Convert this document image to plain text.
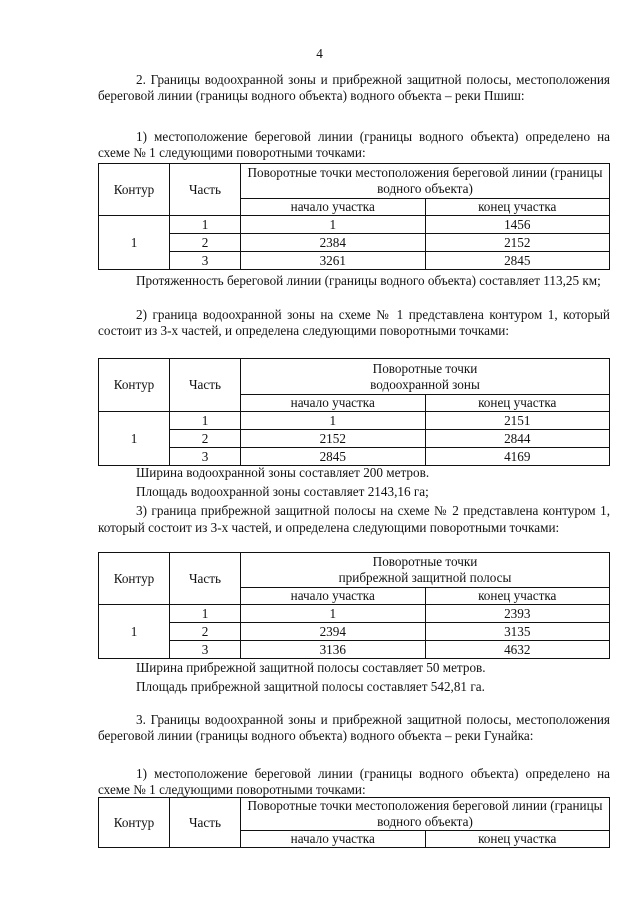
4

2. Границы водоохранной зоны и прибрежной защитной полосы, местоположения береговой линии (границы водного объекта) водного объекта – реки Пшиш:

1) местоположение береговой линии (границы водного объекта) определено на схеме № 1 следующими поворотными точками:

Контур	Часть	Поворотные точки местоположения береговой линии (границы водного объекта)	
		начало участка	конец участка
1	1	1	1456
	2	2384	2152
	3	3261	2845

Протяженность береговой линии (границы водного объекта) составляет 113,25 км;

2) граница водоохранной зоны на схеме № 1 представлена контуром 1, который состоит из 3-х частей, и определена следующими поворотными точками:

Контур	Часть	Поворотные точки
водоохранной зоны	
		начало участка	конец участка
1	1	1	2151
	2	2152	2844
	3	2845	4169

Ширина водоохранной зоны составляет 200 метров.

Площадь водоохранной зоны составляет 2143,16 га;

3) граница прибрежной защитной полосы на схеме № 2 представлена контуром 1, который состоит из 3-х частей, и определена следующими поворотными точками:

Контур	Часть	Поворотные точки
прибрежной защитной полосы	
		начало участка	конец участка
1	1	1	2393
	2	2394	3135
	3	3136	4632

Ширина прибрежной защитной полосы составляет 50 метров.

Площадь прибрежной защитной полосы составляет 542,81 га.

3. Границы водоохранной зоны и прибрежной защитной полосы, местоположения береговой линии (границы водного объекта) водного объекта – реки Гунайка:

1) местоположение береговой линии (границы водного объекта) определено на схеме № 1 следующими поворотными точками:

Контур	Часть	Поворотные точки местоположения береговой линии (границы водного объекта)	
		начало участка	конец участка
